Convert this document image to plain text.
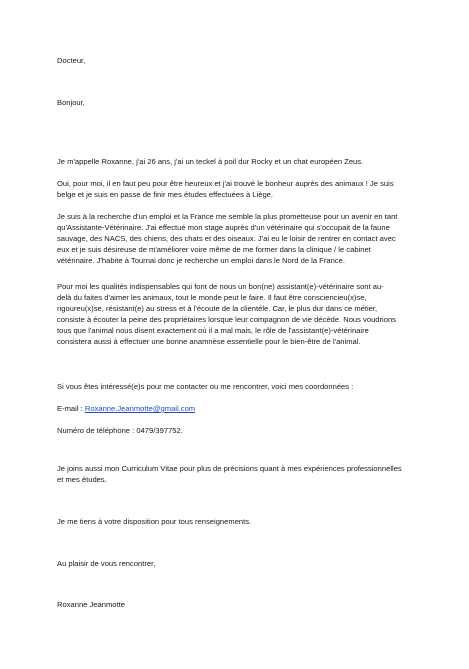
Docteur,

Bonjour,

Je m'appelle Roxanne, j'ai 26 ans, j'ai un teckel à poil dur Rocky et un chat européen Zeus.

Oui, pour moi, il en faut peu pour être heureux et j'ai trouvé le bonheur auprès des animaux ! Je suis
belge et je suis en passe de finir mes études effectuées à Liège.

Je suis à la recherche d'un emploi et la France me semble la plus prometteuse pour un avenir en tant
qu'Assistante-Vétérinaire. J'ai effectué mon stage auprès d'un vétérinaire qui s'occupait de la faune
sauvage, des NACS, des chiens, des chats et des oiseaux. J'ai eu le loisir de rentrer en contact avec
eux et je suis désireuse de m'améliorer voire même de me former dans la clinique / le cabinet
vétérinaire. J'habite à Tournai donc je recherche un emploi dans le Nord de la France.

Pour moi les qualités indispensables qui font de nous un bon(ne) assistant(e)-vétérinaire sont au-
delà du faites d'aimer les animaux, tout le monde peut le faire. Il faut être consciencieu(x)se,
rigoureu(x)se, résistant(e) au stress et à l'écoute de la clientèle. Car, le plus dur dans ce métier,
consiste à écouter la peine des propriétaires lorsque leur compagnon de vie décède. Nous voudrions
tous que l'animal nous disent exactement où il a mal mais, le rôle de l'assistant(e)-vétérinaire
consistera aussi à effectuer une bonne anamnèse essentielle pour le bien-être de l'animal.

Si vous êtes intéressé(e)s pour me contacter ou me rencontrer, voici mes coordonnées :

E-mail : Roxanne.Jeanmotte@gmail.com

Numéro de téléphone : 0479/397752.

Je joins aussi mon Curriculum Vitae pour plus de précisions quant à mes expériences professionnelles
et mes études.

Je me tiens à votre disposition pour tous renseignements.

Au plaisir de vous rencontrer,

Roxanne Jeanmotte
